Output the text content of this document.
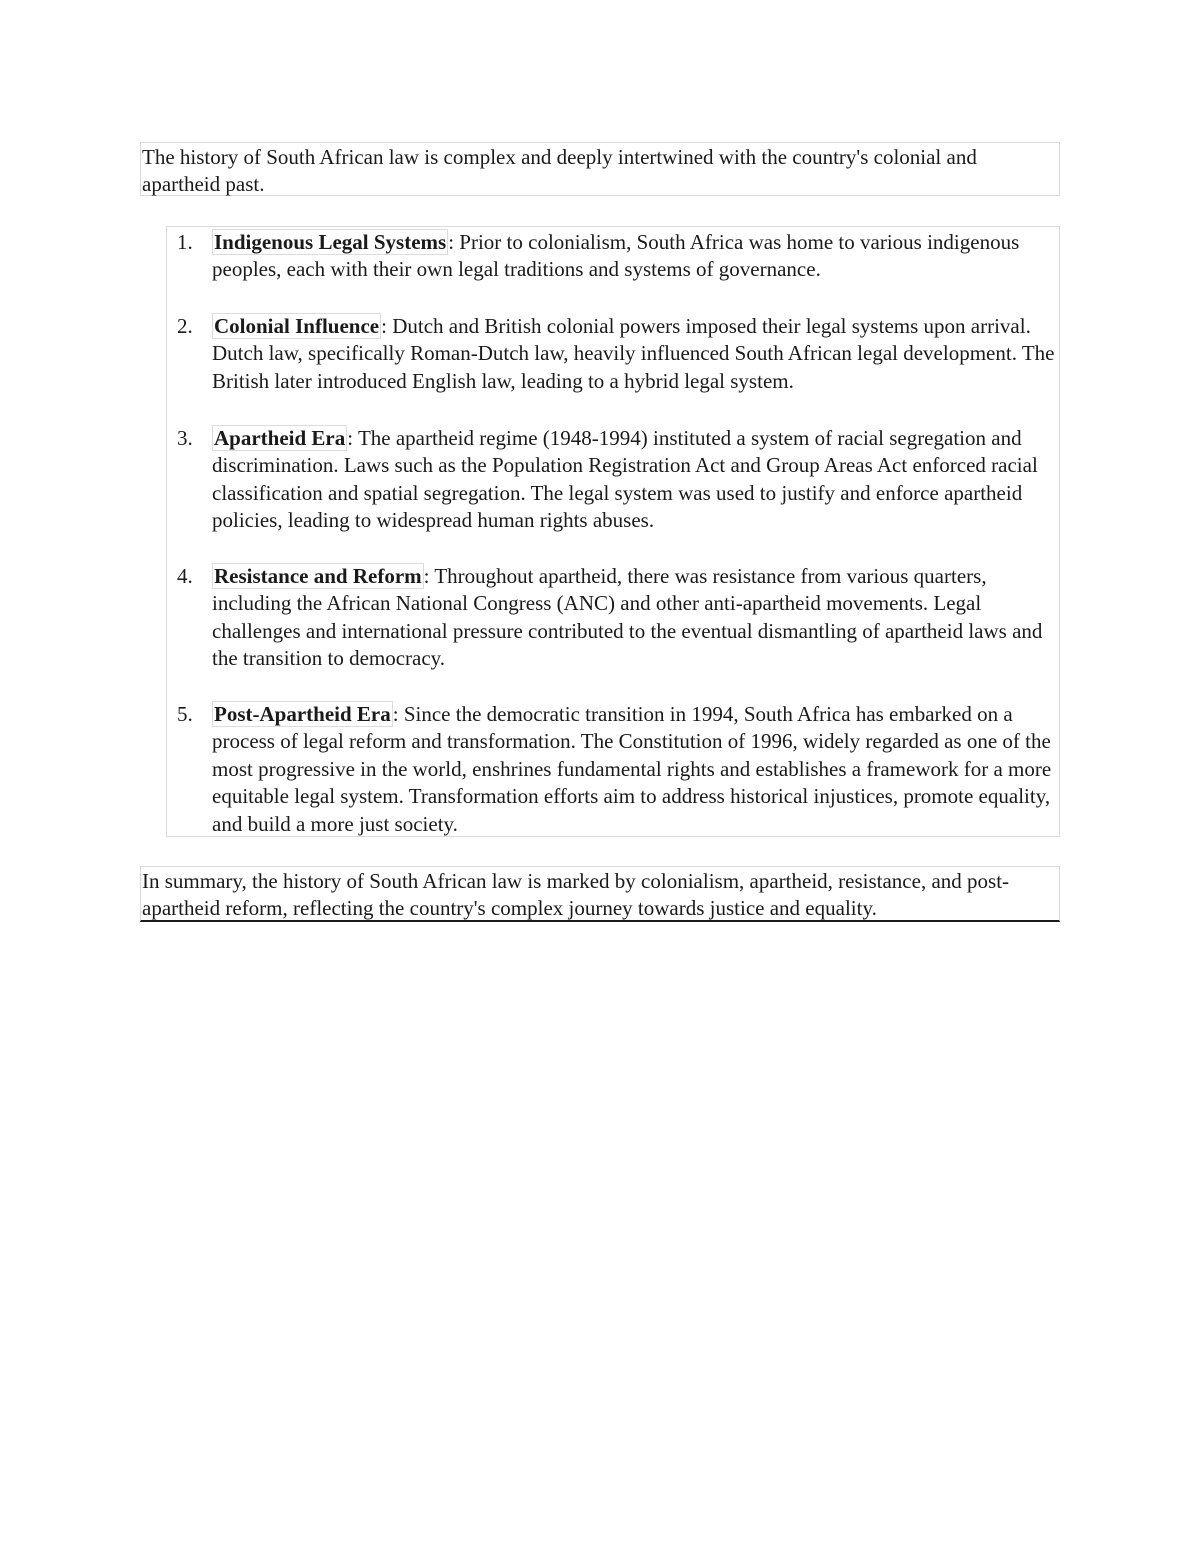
The history of South African law is complex and deeply intertwined with the country's colonial and apartheid past.

1.	Indigenous Legal Systems: Prior to colonialism, South Africa was home to various indigenous peoples, each with their own legal traditions and systems of governance.
2.	Colonial Influence: Dutch and British colonial powers imposed their legal systems upon arrival. Dutch law, specifically Roman-Dutch law, heavily influenced South African legal development. The British later introduced English law, leading to a hybrid legal system.
3.	Apartheid Era: The apartheid regime (1948-1994) instituted a system of racial segregation and discrimination. Laws such as the Population Registration Act and Group Areas Act enforced racial classification and spatial segregation. The legal system was used to justify and enforce apartheid policies, leading to widespread human rights abuses.
4.	Resistance and Reform: Throughout apartheid, there was resistance from various quarters, including the African National Congress (ANC) and other anti-apartheid movements. Legal challenges and international pressure contributed to the eventual dismantling of apartheid laws and the transition to democracy.
5.	Post-Apartheid Era: Since the democratic transition in 1994, South Africa has embarked on a process of legal reform and transformation. The Constitution of 1996, widely regarded as one of the most progressive in the world, enshrines fundamental rights and establishes a framework for a more equitable legal system. Transformation efforts aim to address historical injustices, promote equality, and build a more just society.

In summary, the history of South African law is marked by colonialism, apartheid, resistance, and post-apartheid reform, reflecting the country's complex journey towards justice and equality.
